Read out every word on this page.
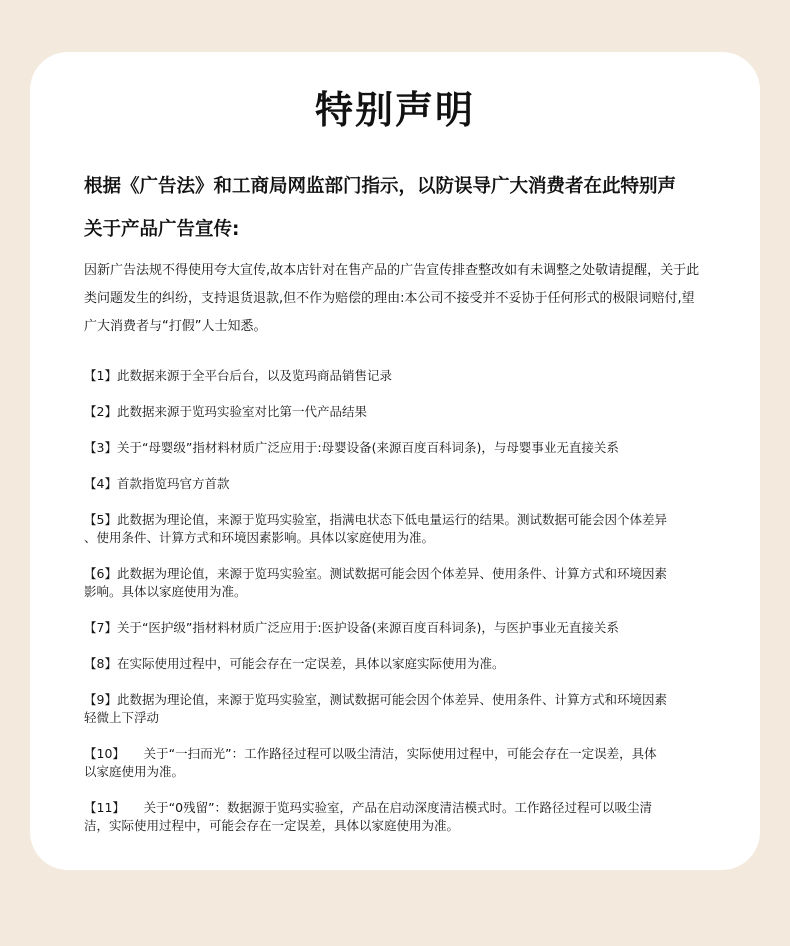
特别声明
根据《广告法》和工商局网监部门指示，以防误导广大消费者在此特别声
关于产品广告宣传:
因新广告法规不得使用夸大宣传,故本店针对在售产品的广告宣传排查整改如有未调整之处敬请提醒，关于此
类问题发生的纠纷，支持退货退款,但不作为赔偿的理由:本公司不接受并不妥协于任何形式的极限词赔付,望
广大消费者与“打假”人士知悉。
【1】此数据来源于全平台后台，以及览玛商品销售记录
【2】此数据来源于览玛实验室对比第一代产品结果
【3】关于“母婴级”指材料材质广泛应用于:母婴设备(来源百度百科词条)，与母婴事业无直接关系
【4】首款指览玛官方首款
【5】此数据为理论值，来源于览玛实验室，指满电状态下低电量运行的结果。测试数据可能会因个体差异
、使用条件、计算方式和环境因素影响。具体以家庭使用为准。
【6】此数据为理论值，来源于览玛实验室。测试数据可能会因个体差异、使用条件、计算方式和环境因素
影响。具体以家庭使用为准。
【7】关于“医护级”指材料材质广泛应用于:医护设备(来源百度百科词条)，与医护事业无直接关系
【8】在实际使用过程中，可能会存在一定误差，具体以家庭实际使用为准。
【9】此数据为理论值，来源于览玛实验室，测试数据可能会因个体差异、使用条件、计算方式和环境因素
轻微上下浮动
【10】　　关于“一扫而光”：工作路径过程可以吸尘清洁，实际使用过程中，可能会存在一定误差，具体
以家庭使用为准。
【11】　　关于“0残留”：数据源于览玛实验室，产品在启动深度清洁模式时。工作路径过程可以吸尘清
洁，实际使用过程中，可能会存在一定误差，具体以家庭使用为准。
